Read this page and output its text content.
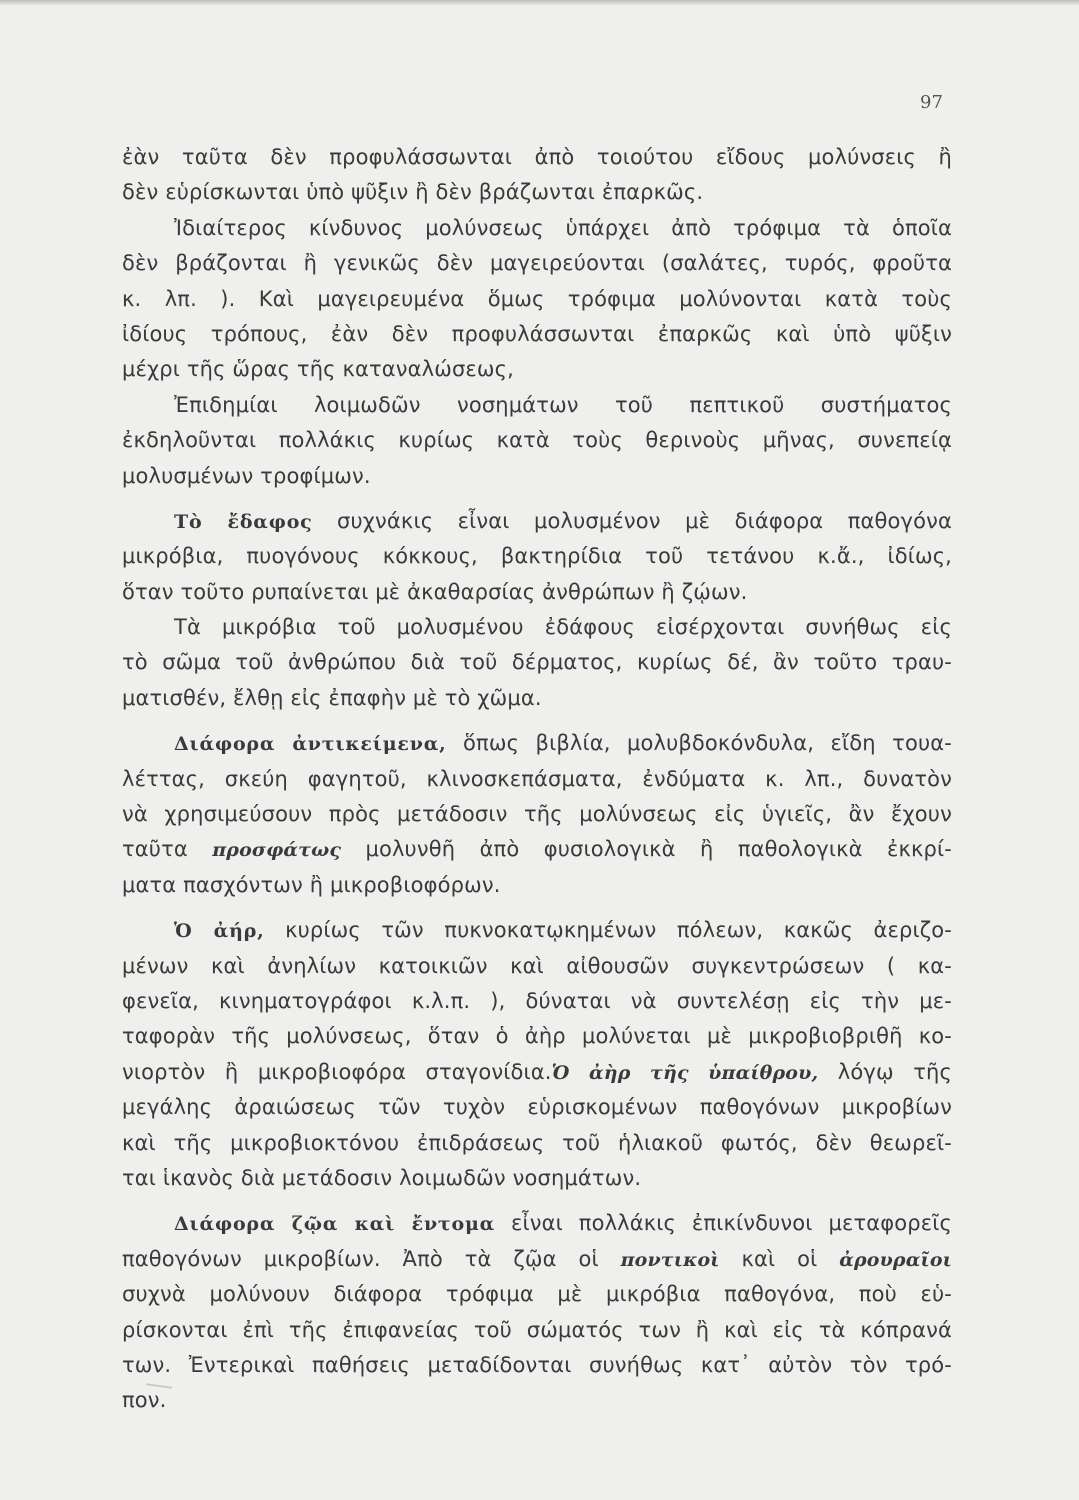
97
ἐὰν ταῦτα δὲν προφυλάσσωνται ἀπὸ τοιούτου εἴδους μολύνσεις ἢ
δὲν εὑρίσκωνται ὑπὸ ψῦξιν ἢ δὲν βράζωνται ἐπαρκῶς.
Ἰδιαίτερος κίνδυνος μολύνσεως ὑπάρχει ἀπὸ τρόφιμα τὰ ὁποῖα
δὲν βράζονται ἢ γενικῶς δὲν μαγειρεύονται (σαλάτες, τυρός, φροῦτα
κ. λπ. ). Καὶ μαγειρευμένα ὅμως τρόφιμα μολύνονται κατὰ τοὺς
ἰδίους τρόπους, ἐὰν δὲν προφυλάσσωνται ἐπαρκῶς καὶ ὑπὸ ψῦξιν
μέχρι τῆς ὥρας τῆς καταναλώσεως,
Ἐπιδημίαι λοιμωδῶν νοσημάτων τοῦ πεπτικοῦ συστήματος
ἐκδηλοῦνται πολλάκις κυρίως κατὰ τοὺς θερινοὺς μῆνας, συνεπείᾳ
μολυσμένων τροφίμων.
Τὸ ἔδαφος συχνάκις εἶναι μολυσμένον μὲ διάφορα παθογόνα
μικρόβια, πυογόνους κόκκους, βακτηρίδια τοῦ τετάνου κ.ἄ., ἰδίως,
ὅταν τοῦτο ρυπαίνεται μὲ ἀκαθαρσίας ἀνθρώπων ἢ ζῴων.
Τὰ μικρόβια τοῦ μολυσμένου ἐδάφους εἰσέρχονται συνήθως εἰς
τὸ σῶμα τοῦ ἀνθρώπου διὰ τοῦ δέρματος, κυρίως δέ, ἂν τοῦτο τραυ-
ματισθέν, ἔλθῃ εἰς ἐπαφὴν μὲ τὸ χῶμα.
Διάφορα ἀντικείμενα, ὅπως βιβλία, μολυβδοκόνδυλα, εἴδη τουα-
λέττας, σκεύη φαγητοῦ, κλινοσκεπάσματα, ἐνδύματα κ. λπ., δυνατὸν
νὰ χρησιμεύσουν πρὸς μετάδοσιν τῆς μολύνσεως εἰς ὑγιεῖς, ἂν ἔχουν
ταῦτα προσφάτως μολυνθῆ ἀπὸ φυσιολογικὰ ἢ παθολογικὰ ἐκκρί-
ματα πασχόντων ἢ μικροβιοφόρων.
Ὁ ἀήρ, κυρίως τῶν πυκνοκατῳκημένων πόλεων, κακῶς ἀεριζο-
μένων καὶ ἀνηλίων κατοικιῶν καὶ αἰθουσῶν συγκεντρώσεων ( κα-
φενεῖα, κινηματογράφοι κ.λ.π. ), δύναται νὰ συντελέσῃ εἰς τὴν με-
ταφορὰν τῆς μολύνσεως, ὅταν ὁ ἀὴρ μολύνεται μὲ μικροβιοβριθῆ κο-
νιορτὸν ἢ μικροβιοφόρα σταγονίδια.Ὁ ἀὴρ τῆς ὑπαίθρου, λόγῳ τῆς
μεγάλης ἀραιώσεως τῶν τυχὸν εὑρισκομένων παθογόνων μικροβίων
καὶ τῆς μικροβιοκτόνου ἐπιδράσεως τοῦ ἡλιακοῦ φωτός, δὲν θεωρεῖ-
ται ἱκανὸς διὰ μετάδοσιν λοιμωδῶν νοσημάτων.
Διάφορα ζῷα καὶ ἔντομα εἶναι πολλάκις ἐπικίνδυνοι μεταφορεῖς
παθογόνων μικροβίων. Ἀπὸ τὰ ζῷα οἱ ποντικοὶ καὶ οἱ ἀρουραῖοι
συχνὰ μολύνουν διάφορα τρόφιμα μὲ μικρόβια παθογόνα, ποὺ εὑ-
ρίσκονται ἐπὶ τῆς ἐπιφανείας τοῦ σώματός των ἢ καὶ εἰς τὰ κόπρανά
των. Ἐντερικαὶ παθήσεις μεταδίδονται συνήθως κατ᾽ αὐτὸν τὸν τρό-
πον.
